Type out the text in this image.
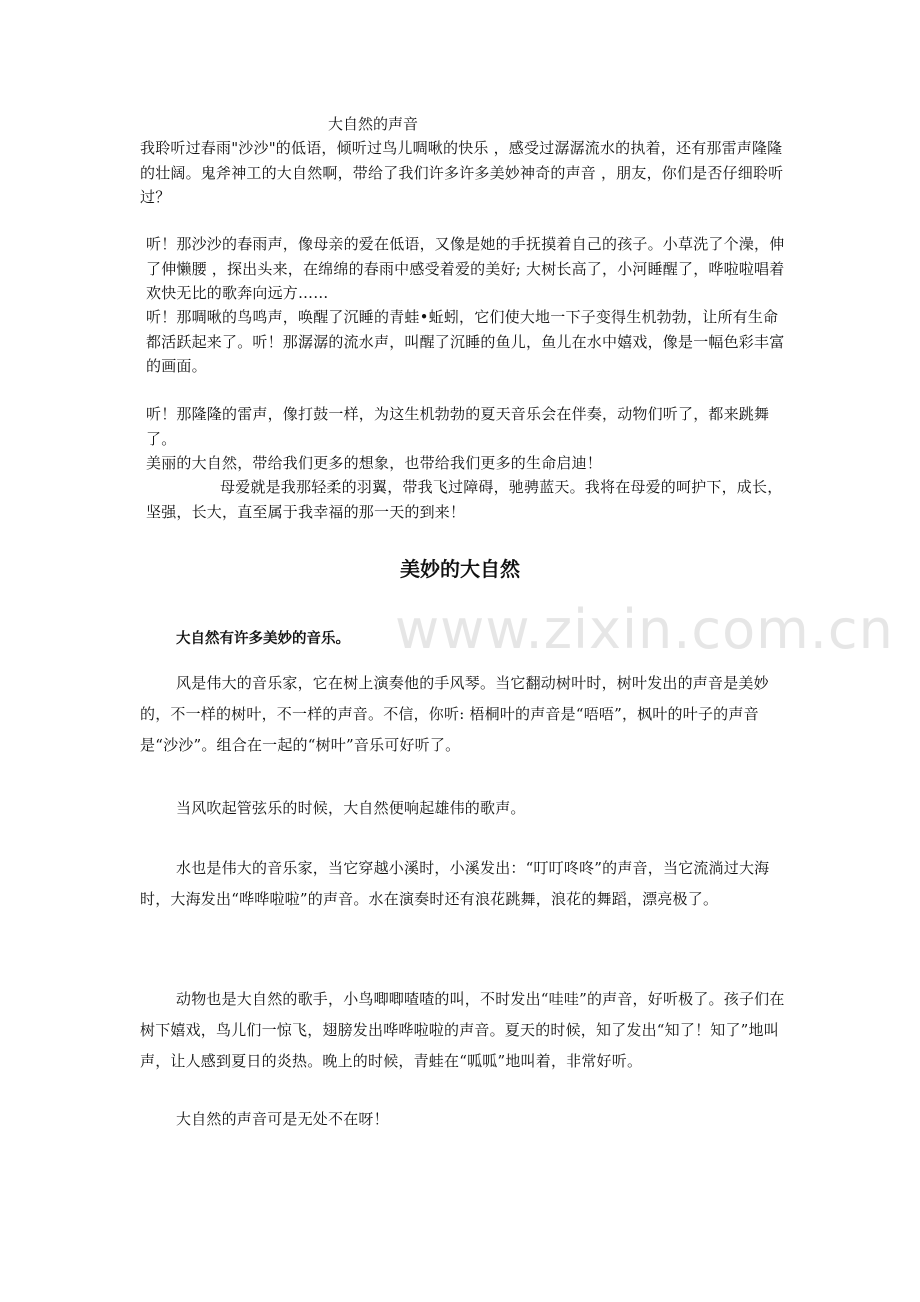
大自然的声音

我聆听过春雨"沙沙"的低语，倾听过鸟儿啁啾的快乐 ，感受过潺潺流水的执着，还有那雷声隆隆的壮阔。鬼斧神工的大自然啊，带给了我们许多许多美妙神奇的声音 ，朋友，你们是否仔细聆听过？

听！那沙沙的春雨声，像母亲的爱在低语，又像是她的手抚摸着自己的孩子。小草洗了个澡，伸了伸懒腰 ，探出头来，在绵绵的春雨中感受着爱的美好; 大树长高了，小河睡醒了，哗啦啦唱着欢快无比的歌奔向远方……

听！那啁啾的鸟鸣声，唤醒了沉睡的青蛙•蚯蚓，它们使大地一下子变得生机勃勃，让所有生命都活跃起来了。听！那潺潺的流水声，叫醒了沉睡的鱼儿，鱼儿在水中嬉戏，像是一幅色彩丰富的画面。

听！那隆隆的雷声，像打鼓一样，为这生机勃勃的夏天音乐会在伴奏，动物们听了，都来跳舞了。

美丽的大自然，带给我们更多的想象，也带给我们更多的生命启迪！

母爱就是我那轻柔的羽翼，带我飞过障碍，驰骋蓝天。我将在母爱的呵护下，成长，坚强，长大，直至属于我幸福的那一天的到来！

www.zixin.com.cn
美妙的大自然
大自然有许多美妙的音乐。

风是伟大的音乐家，它在树上演奏他的手风琴。当它翻动树叶时，树叶发出的声音是美妙的，不一样的树叶，不一样的声音。不信，你听: 梧桐叶的声音是“唔唔”，枫叶的叶子的声音是“沙沙”。组合在一起的“树叶”音乐可好听了。

当风吹起管弦乐的时候，大自然便响起雄伟的歌声。

水也是伟大的音乐家，当它穿越小溪时，小溪发出：“叮叮咚咚”的声音，当它流淌过大海时，大海发出“哗哗啦啦”的声音。水在演奏时还有浪花跳舞，浪花的舞蹈，漂亮极了。

动物也是大自然的歌手，小鸟唧唧喳喳的叫，不时发出“哇哇”的声音，好听极了。孩子们在树下嬉戏，鸟儿们一惊飞，翅膀发出哗哗啦啦的声音。夏天的时候，知了发出“知了！知了”地叫声，让人感到夏日的炎热。晚上的时候，青蛙在“呱呱”地叫着，非常好听。

大自然的声音可是无处不在呀！
